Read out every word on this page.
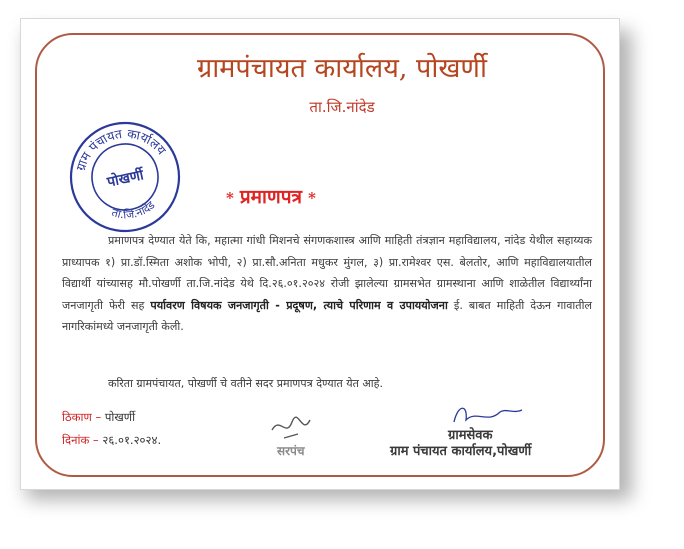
ग्रामपंचायत कार्यालय, पोखर्णी
ता.जि.नांदेड
ग्राम पंचायत कार्यालय
ता.जि.नांदेड
पोखर्णी
* प्रमाणपत्र *

प्रमाणपत्र देण्यात येते कि, महात्मा गांधी मिशनचे संगणकशास्त्र आणि माहिती तंत्रज्ञान महाविद्यालय, नांदेड येथील सहाय्यक प्राध्यापक १) प्रा.डॉ.स्मिता अशोक भोपी, २) प्रा.सौ.अनिता मधुकर मुंगल, ३) प्रा.रामेश्वर एस. बेलतोर, आणि महाविद्यालयातील विद्यार्थी यांच्यासह मौ.पोखर्णी ता.जि.नांदेड येथे दि.२६.०१.२०२४ रोजी झालेल्या ग्रामसभेत ग्रामस्थाना आणि शाळेतील विद्यार्थ्यांना जनजागृती फेरी सह पर्यावरण विषयक जनजागृती - प्रदूषण, त्याचे परिणाम व उपाययोजना ई. बाबत माहिती देऊन गावातील नागरिकांमध्ये जनजागृती केली.

करिता ग्रामपंचायत, पोखर्णी चे वतीने सदर प्रमाणपत्र देण्यात येत आहे.
ठिकाण – पोखर्णी
दिनांक – २६.०१.२०२४.
सरपंच
ग्रामसेवक
ग्राम पंचायत कार्यालय,पोखर्णी
